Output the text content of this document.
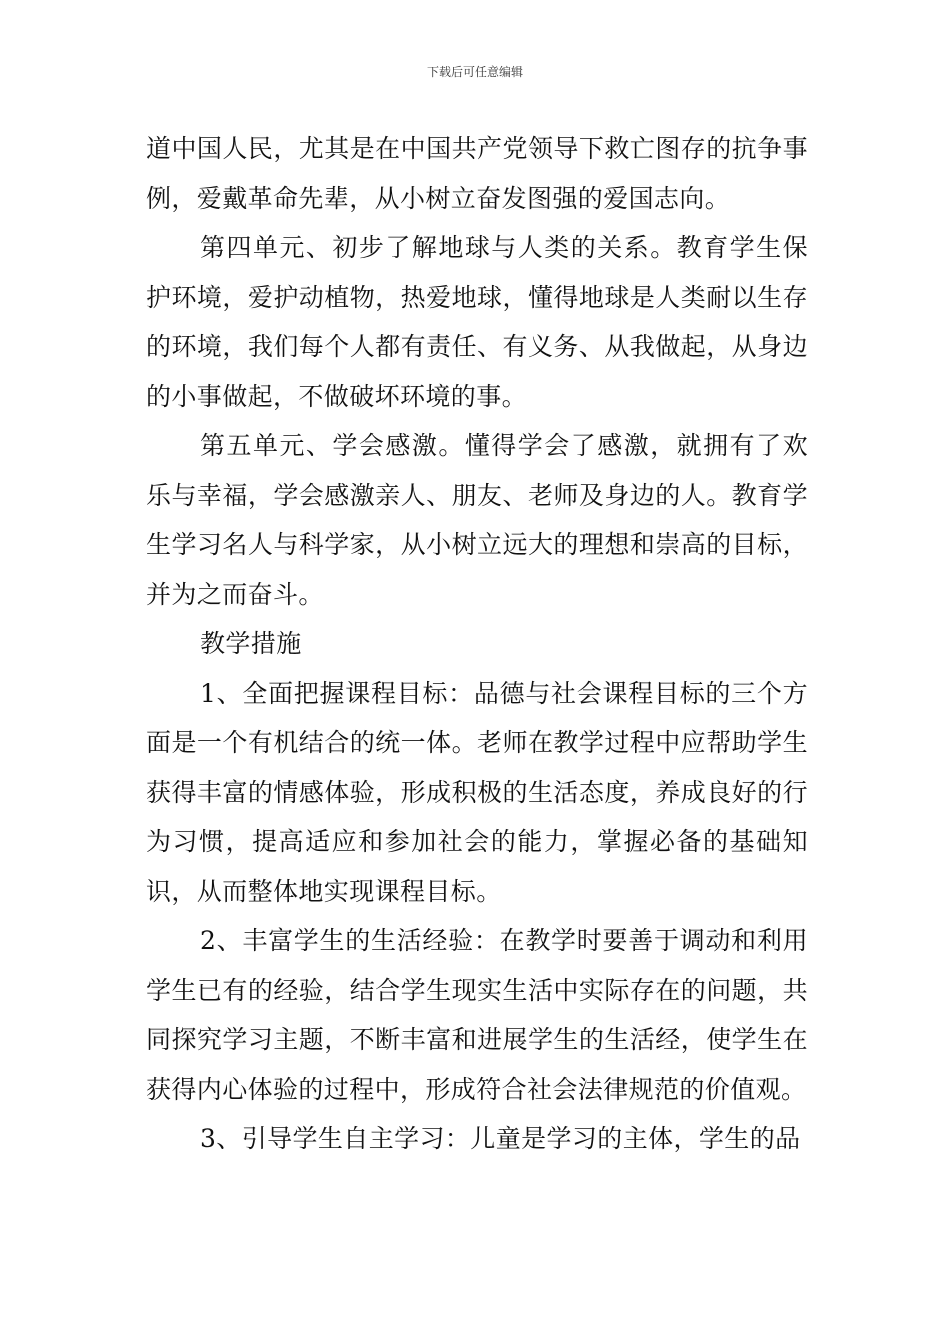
下载后可任意编辑

道中国人民，尤其是在中国共产党领导下救亡图存的抗争事例，爱戴革命先辈，从小树立奋发图强的爱国志向。

第四单元、初步了解地球与人类的关系。教育学生保护环境，爱护动植物，热爱地球，懂得地球是人类耐以生存的环境，我们每个人都有责任、有义务、从我做起，从身边的小事做起，不做破坏环境的事。

第五单元、学会感激。懂得学会了感激，就拥有了欢乐与幸福，学会感激亲人、朋友、老师及身边的人。教育学生学习名人与科学家，从小树立远大的理想和崇高的目标，并为之而奋斗。

教学措施

1、全面把握课程目标：品德与社会课程目标的三个方面是一个有机结合的统一体。老师在教学过程中应帮助学生获得丰富的情感体验，形成积极的生活态度，养成良好的行为习惯，提高适应和参加社会的能力，掌握必备的基础知识，从而整体地实现课程目标。

2、丰富学生的生活经验：在教学时要善于调动和利用学生已有的经验，结合学生现实生活中实际存在的问题，共同探究学习主题，不断丰富和进展学生的生活经，使学生在获得内心体验的过程中，形成符合社会法律规范的价值观。

3、引导学生自主学习：儿童是学习的主体，学生的品
